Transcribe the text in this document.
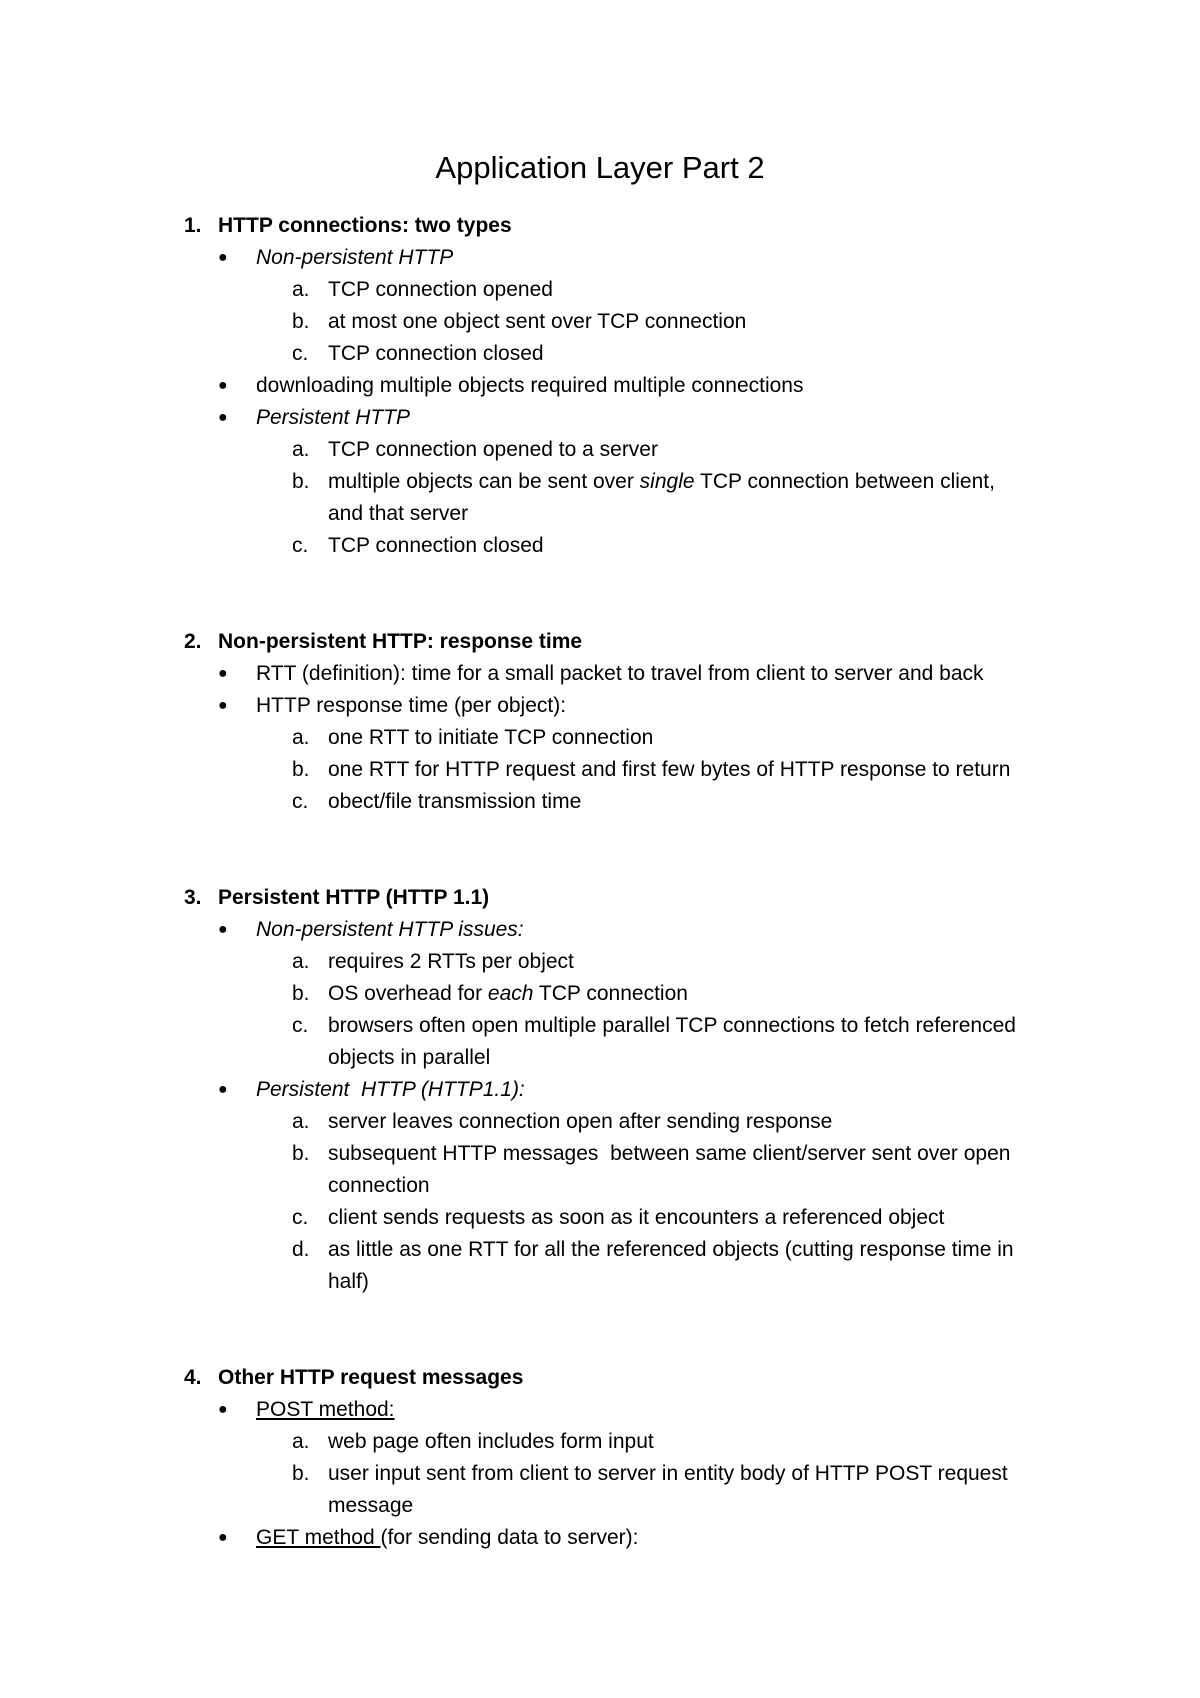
Application Layer Part 2
1. HTTP connections: two types
● Non-persistent HTTP
a. TCP connection opened
b. at most one object sent over TCP connection
c. TCP connection closed
● downloading multiple objects required multiple connections
● Persistent HTTP
a. TCP connection opened to a server
b. multiple objects can be sent over single TCP connection between client,
and that server
c. TCP connection closed
2. Non-persistent HTTP: response time
● RTT (definition): time for a small packet to travel from client to server and back
● HTTP response time (per object):
a. one RTT to initiate TCP connection
b. one RTT for HTTP request and first few bytes of HTTP response to return
c. obect/file transmission time
3. Persistent HTTP (HTTP 1.1)
● Non-persistent HTTP issues:
a. requires 2 RTTs per object
b. OS overhead for each TCP connection
c. browsers often open multiple parallel TCP connections to fetch referenced
objects in parallel
● Persistent  HTTP (HTTP1.1):
a. server leaves connection open after sending response
b. subsequent HTTP messages  between same client/server sent over open
connection
c. client sends requests as soon as it encounters a referenced object
d. as little as one RTT for all the referenced objects (cutting response time in
half)
4. Other HTTP request messages
● POST method:
a. web page often includes form input
b. user input sent from client to server in entity body of HTTP POST request
message
● GET method (for sending data to server):
